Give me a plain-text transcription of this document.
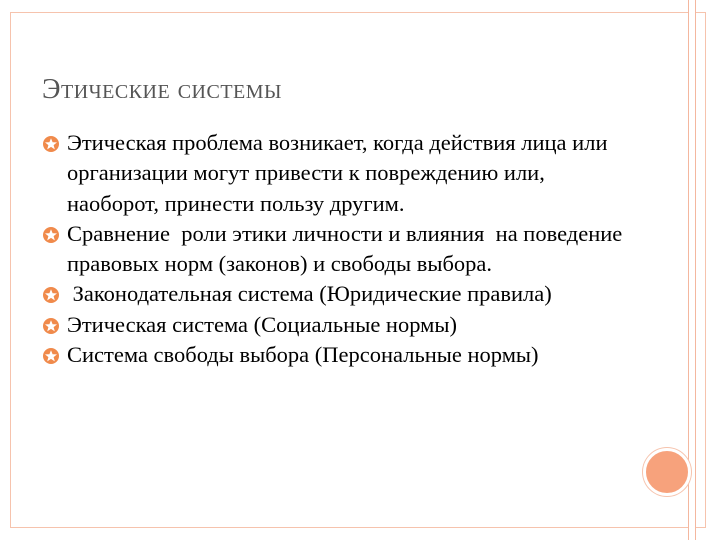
Этические системы
Этическая проблема возникает, когда действия лица или организации могут привести к повреждению или, наоборот, принести пользу другим.
Сравнение  роли этики личности и влияния  на поведение правовых норм (законов) и свободы выбора.
Законодательная система (Юридические правила)
Этическая система (Социальные нормы)
Система свободы выбора (Персональные нормы)
